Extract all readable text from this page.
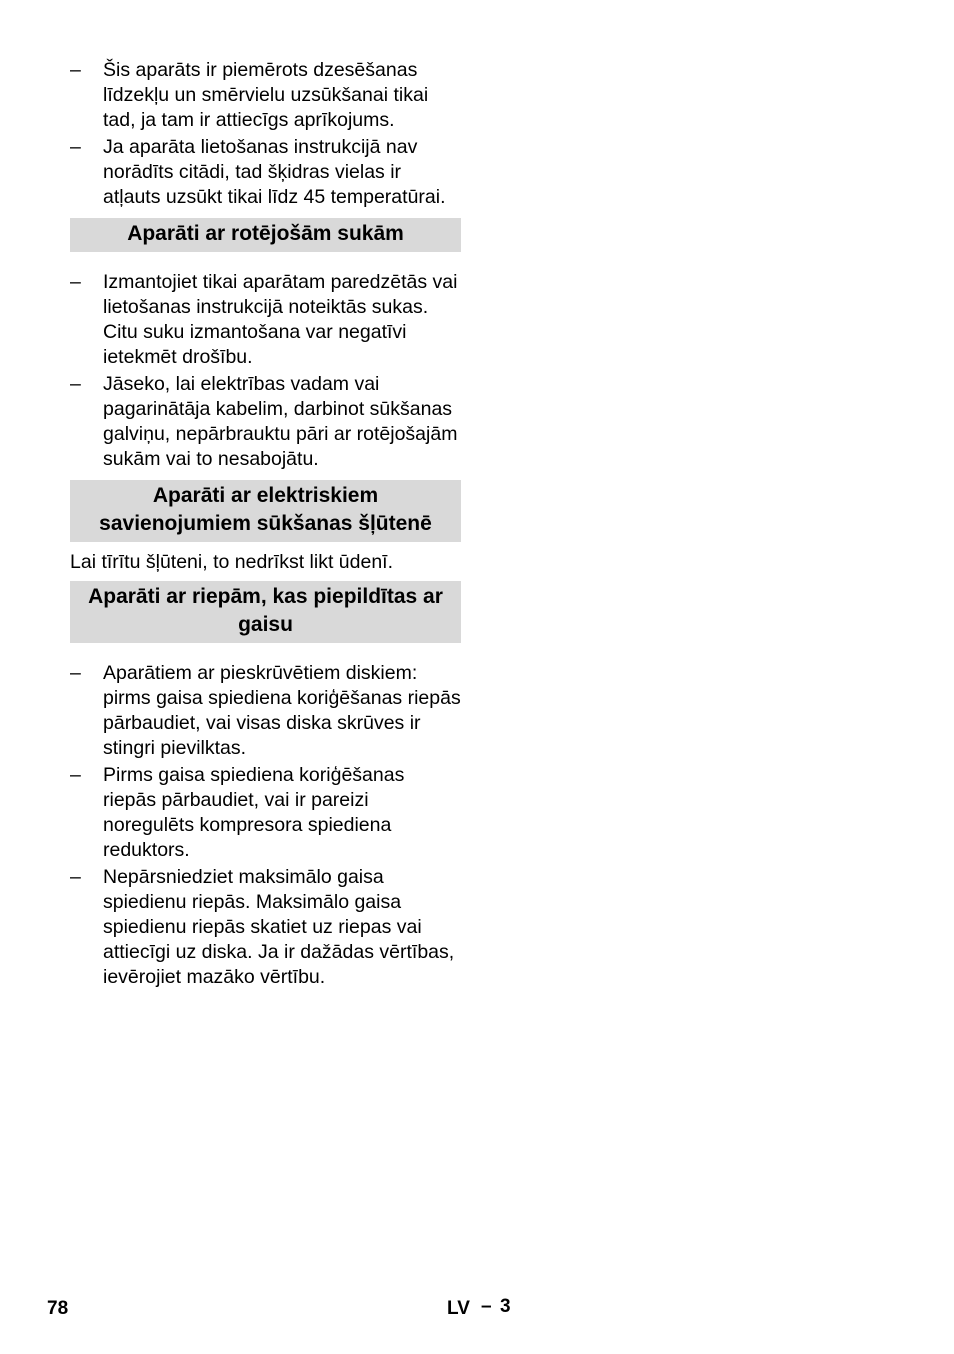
– Šis aparāts ir piemērots dzesēšanas līdzekļu un smērvielu uzsūkšanai tikai tad, ja tam ir attiecīgs aprīkojums.
– Ja aparāta lietošanas instrukcijā nav norādīts citādi, tad šķidras vielas ir atļauts uzsūkt tikai līdz 45 temperatūrai.
Aparāti ar rotējošām sukām
– Izmantojiet tikai aparātam paredzētās vai lietošanas instrukcijā noteiktās sukas. Citu suku izmantošana var negatīvi ietekmēt drošību.
– Jāseko, lai elektrības vadam vai pagarinātāja kabelim, darbinot sūkšanas galviņu, nepārbrauktu pāri ar rotējošajām sukām vai to nesabojātu.
Aparāti ar elektriskiem
savienojumiem sūkšanas šļūtenē

Lai tīrītu šļūteni, to nedrīkst likt ūdenī.

Aparāti ar riepām, kas piepildītas ar
gaisu
– Aparātiem ar pieskrūvētiem diskiem: pirms gaisa spiediena koriģēšanas riepās pārbaudiet, vai visas diska skrūves ir stingri pievilktas.
– Pirms gaisa spiediena koriģēšanas riepās pārbaudiet, vai ir pareizi noregulēts kompresora spiediena reduktors.
– Nepārsniedziet maksimālo gaisa spiedienu riepās. Maksimālo gaisa spiedienu riepās skatiet uz riepas vai attiecīgi uz diska. Ja ir dažādas vērtības, ievērojiet mazāko vērtību.
78	LV – 3
